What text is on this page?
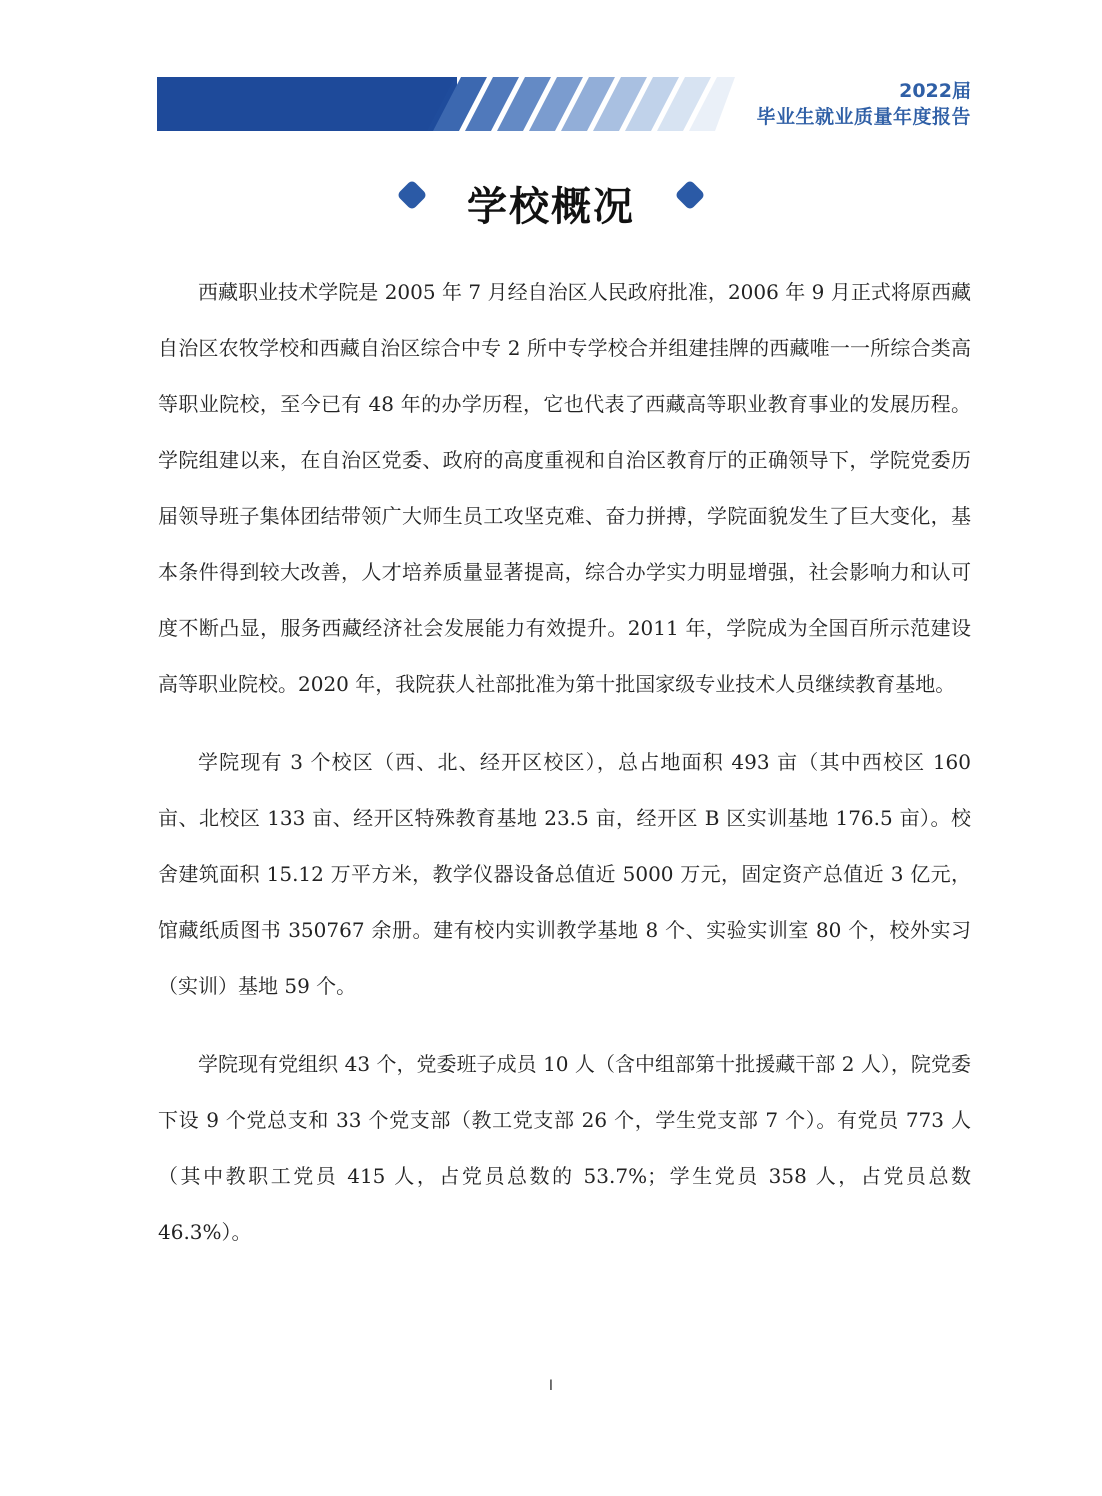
2022届
毕业生就业质量年度报告
学校概况

西藏职业技术学院是 2005 年 7 月经自治区人民政府批准，2006 年 9 月正式将原西藏自治区农牧学校和西藏自治区综合中专 2 所中专学校合并组建挂牌的西藏唯一一所综合类高等职业院校，至今已有 48 年的办学历程，它也代表了西藏高等职业教育事业的发展历程。学院组建以来，在自治区党委、政府的高度重视和自治区教育厅的正确领导下，学院党委历届领导班子集体团结带领广大师生员工攻坚克难、奋力拼搏，学院面貌发生了巨大变化，基本条件得到较大改善，人才培养质量显著提高，综合办学实力明显增强，社会影响力和认可度不断凸显，服务西藏经济社会发展能力有效提升。2011 年，学院成为全国百所示范建设高等职业院校。2020 年，我院获人社部批准为第十批国家级专业技术人员继续教育基地。

学院现有 3 个校区（西、北、经开区校区），总占地面积 493 亩（其中西校区 160 亩、北校区 133 亩、经开区特殊教育基地 23.5 亩，经开区 B 区实训基地 176.5 亩）。校舍建筑面积 15.12 万平方米，教学仪器设备总值近 5000 万元，固定资产总值近 3 亿元，馆藏纸质图书 350767 余册。建有校内实训教学基地 8 个、实验实训室 80 个，校外实习（实训）基地 59 个。

学院现有党组织 43 个，党委班子成员 10 人（含中组部第十批援藏干部 2 人），院党委下设 9 个党总支和 33 个党支部（教工党支部 26 个，学生党支部 7 个）。有党员 773 人（其中教职工党员 415 人，占党员总数的 53.7%；学生党员 358 人，占党员总数 46.3%）。

I
